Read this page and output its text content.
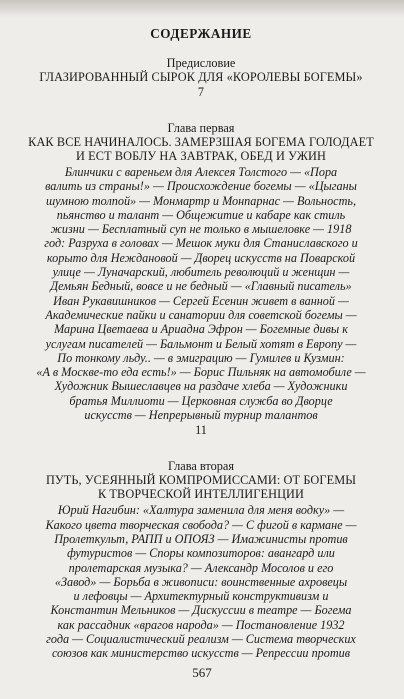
СОДЕРЖАНИЕ
Предисловие
ГЛАЗИРОВАННЫЙ СЫРОК ДЛЯ «КОРОЛЕВЫ БОГЕМЫ»
7
Глава первая
КАК ВСЕ НАЧИНАЛОСЬ. ЗАМЕРЗШАЯ БОГЕМА ГОЛОДАЕТ
И ЕСТ ВОБЛУ НА ЗАВТРАК, ОБЕД И УЖИН
Блинчики с вареньем для Алексея Толстого — «Пора
валить из страны!» — Происхождение богемы — «Цыганы
шумною толпой» — Монмартр и Монпарнас — Вольность,
пьянство и талант — Общежитие и кабаре как стиль
жизни — Бесплатный суп не только в мышеловке — 1918
год: Разруха в головах — Мешок муки для Станиславского и
корыто для Неждановой — Дворец искусств на Поварской
улице — Луначарский, любитель революций и женщин —
Демьян Бедный, вовсе и не бедный — «Главный писатель»
Иван Рукавишников — Сергей Есенин живет в ванной —
Академические пайки и санатории для советской богемы —
Марина Цветаева и Ариадна Эфрон — Богемные дивы к
услугам писателей — Бальмонт и Белый хотят в Европу —
По тонкому льду.. — в эмиграцию — Гумилев и Кузмин:
«А в Москве-то еда есть!» — Борис Пильняк на автомобиле —
Художник Вышеславцев на раздаче хлеба — Художники
братья Миллиоти — Церковная служба во Дворце
искусств — Непрерывный турнир талантов
11
Глава вторая
ПУТЬ, УСЕЯННЫЙ КОМПРОМИССАМИ: ОТ БОГЕМЫ
К ТВОРЧЕСКОЙ ИНТЕЛЛИГЕНЦИИ
Юрий Нагибин: «Халтура заменила для меня водку» —
Какого цвета творческая свобода? — С фигой в кармане —
Пролеткульт, РАПП и ОПОЯЗ — Имажинисты против
футуристов — Споры композиторов: авангард или
пролетарская музыка? — Александр Мосолов и его
«Завод» — Борьба в живописи: воинственные ахровецы
и лефовцы — Архитектурный конструктивизм и
Константин Мельников — Дискуссии в театре — Богема
как рассадник «врагов народа» — Постановление 1932
года — Социалистический реализм — Система творческих
союзов как министерство искусств — Репрессии против
567
